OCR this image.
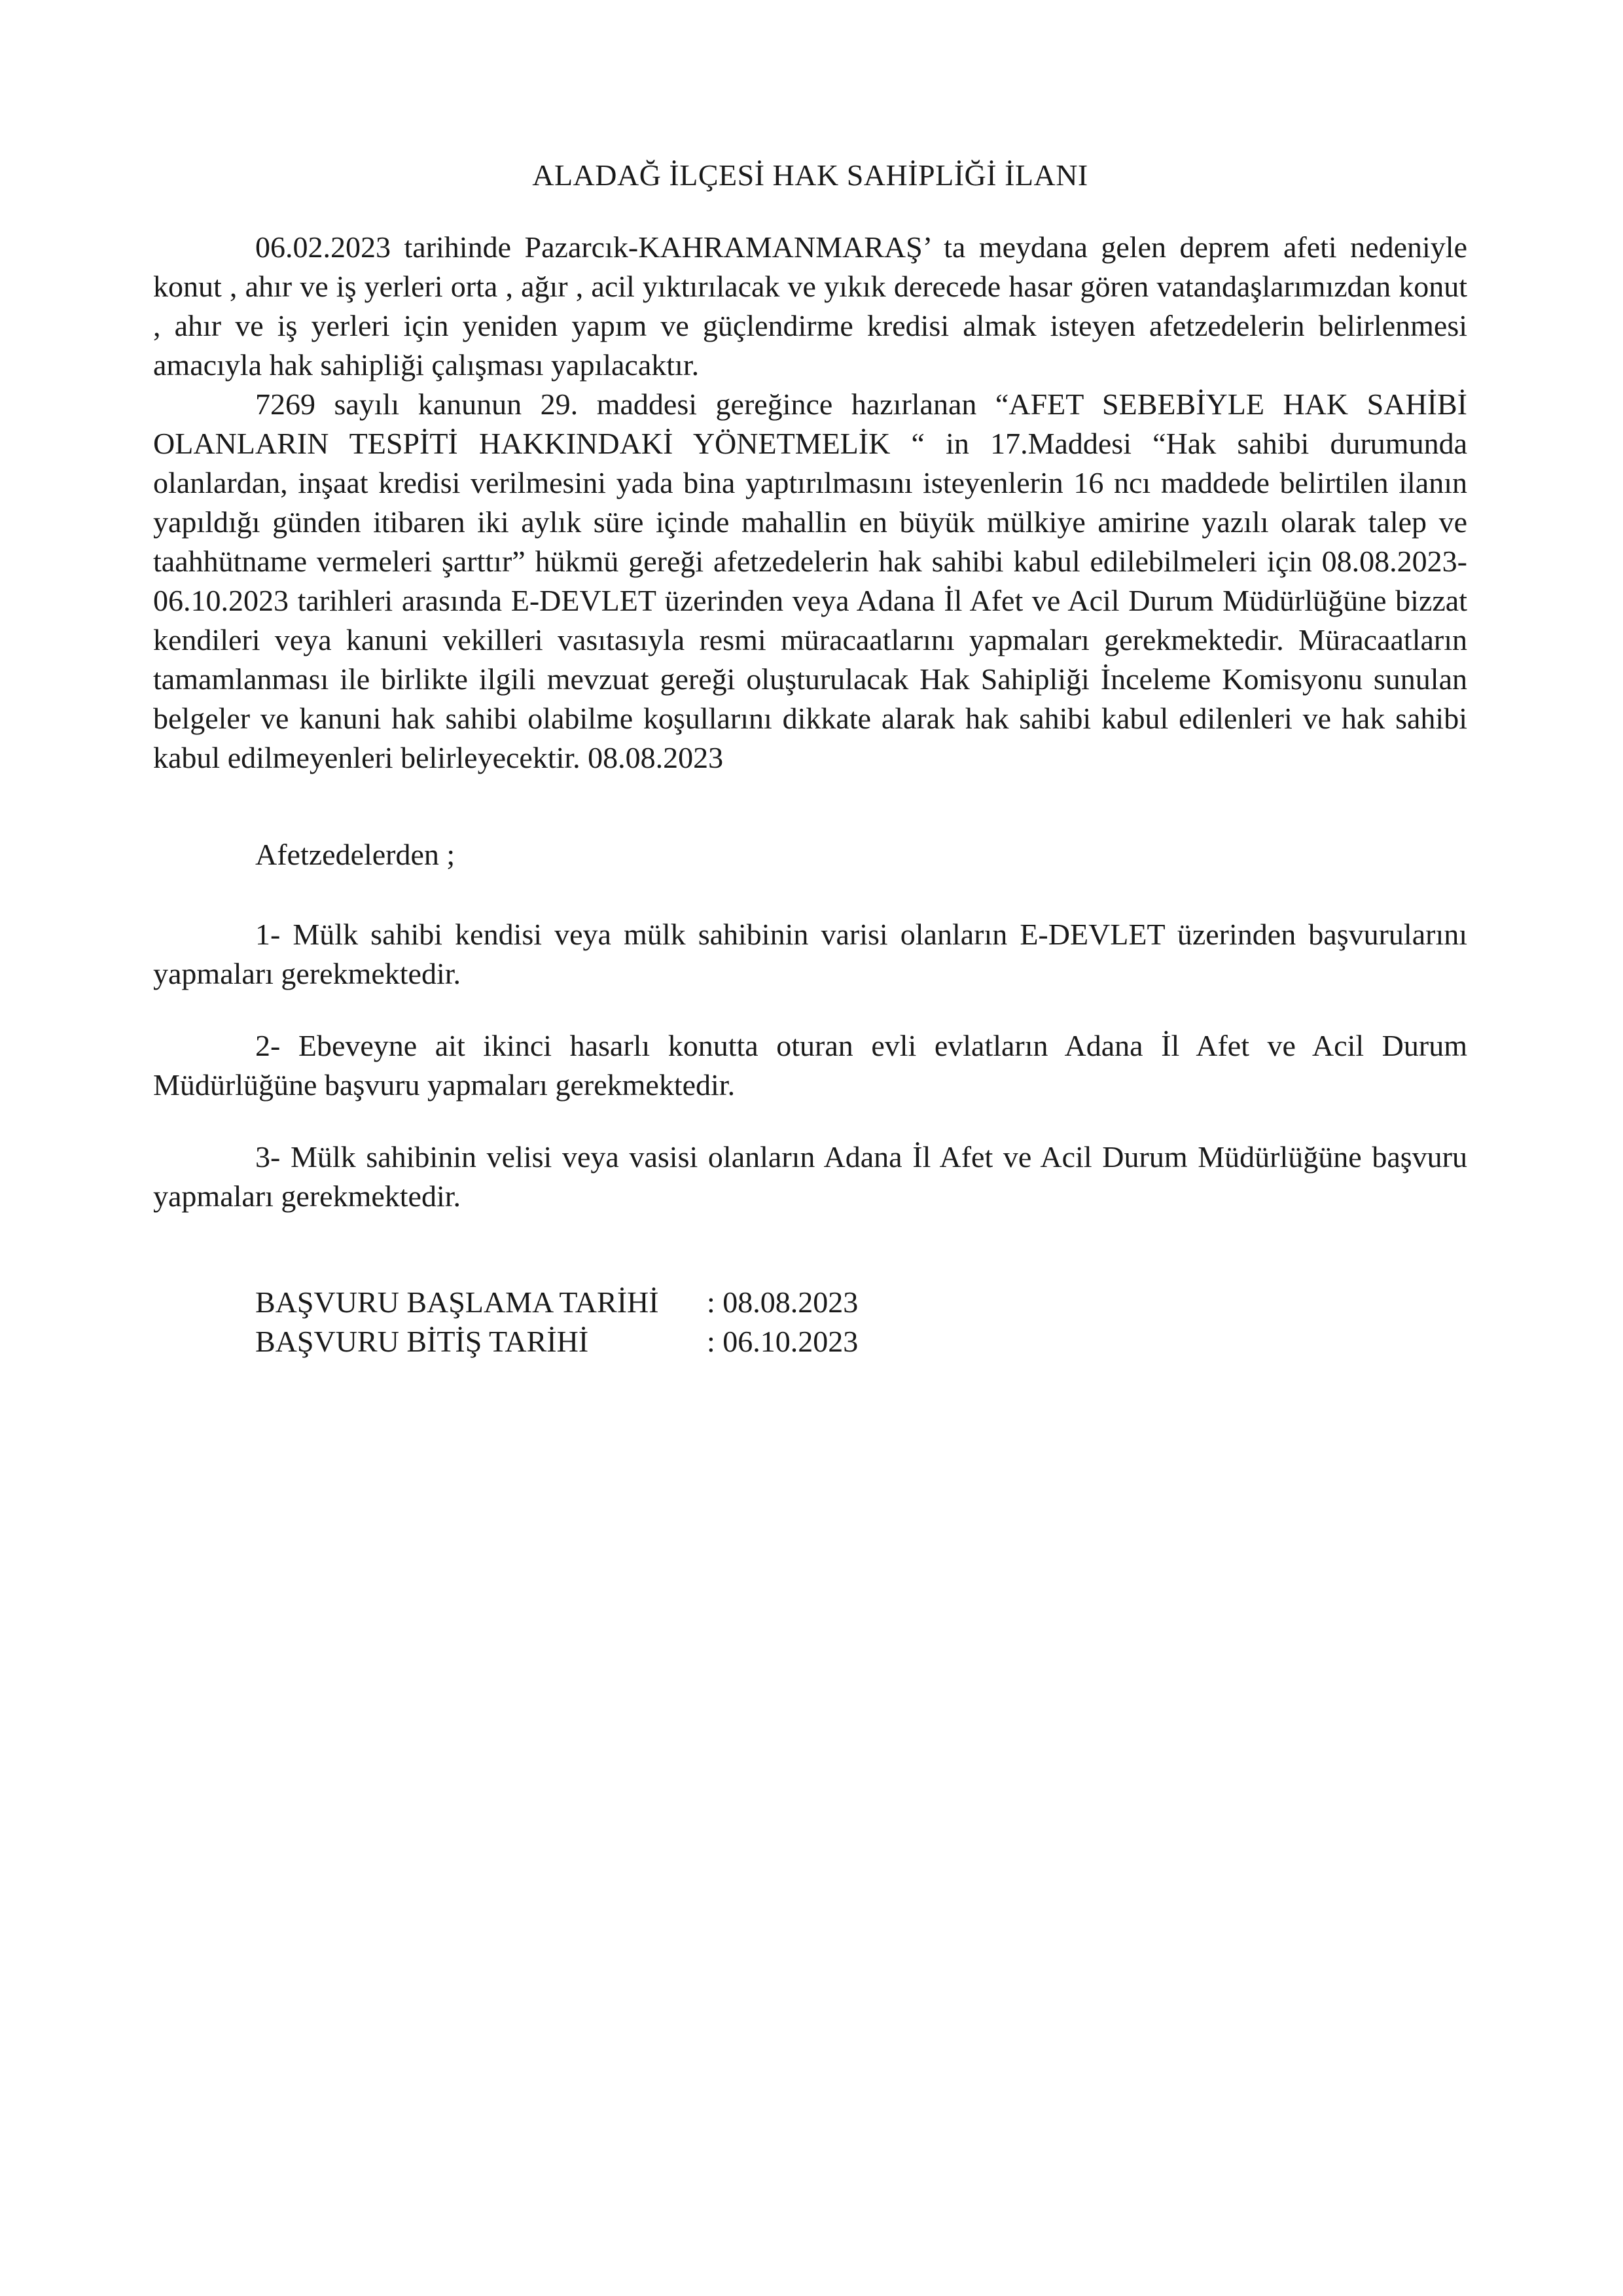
ALADAĞ İLÇESİ HAK SAHİPLİĞİ İLANI

06.02.2023 tarihinde Pazarcık-KAHRAMANMARAŞ’ ta meydana gelen deprem afeti nedeniyle konut , ahır ve iş yerleri orta , ağır , acil yıktırılacak ve yıkık derecede hasar gören vatandaşlarımızdan konut , ahır ve iş yerleri için yeniden yapım ve güçlendirme kredisi almak isteyen afetzedelerin belirlenmesi amacıyla hak sahipliği çalışması yapılacaktır.

7269 sayılı kanunun 29. maddesi gereğince hazırlanan “AFET SEBEBİYLE HAK SAHİBİ OLANLARIN TESPİTİ HAKKINDAKİ YÖNETMELİK “ in 17.Maddesi “Hak sahibi durumunda olanlardan, inşaat kredisi verilmesini yada bina yaptırılmasını isteyenlerin 16 ncı maddede belirtilen ilanın yapıldığı günden itibaren iki aylık süre içinde mahallin en büyük mülkiye amirine yazılı olarak talep ve taahhütname vermeleri şarttır” hükmü gereği afetzedelerin hak sahibi kabul edilebilmeleri için 08.08.2023-06.10.2023 tarihleri arasında E-DEVLET üzerinden veya Adana İl Afet ve Acil Durum Müdürlüğüne bizzat kendileri veya kanuni vekilleri vasıtasıyla resmi müracaatlarını yapmaları gerekmektedir. Müracaatların tamamlanması ile birlikte ilgili mevzuat gereği oluşturulacak Hak Sahipliği İnceleme Komisyonu sunulan belgeler ve kanuni hak sahibi olabilme koşullarını dikkate alarak hak sahibi kabul edilenleri ve hak sahibi kabul edilmeyenleri belirleyecektir. 08.08.2023

Afetzedelerden ;

1- Mülk sahibi kendisi veya mülk sahibinin varisi olanların E-DEVLET üzerinden başvurularını yapmaları gerekmektedir.

2- Ebeveyne ait ikinci hasarlı konutta oturan evli evlatların Adana İl Afet ve Acil Durum Müdürlüğüne başvuru yapmaları gerekmektedir.

3- Mülk sahibinin velisi veya vasisi olanların Adana İl Afet ve Acil Durum Müdürlüğüne başvuru yapmaları gerekmektedir.

BAŞVURU BAŞLAMA TARİHİ	: 08.08.2023
BAŞVURU BİTİŞ TARİHİ	: 06.10.2023
